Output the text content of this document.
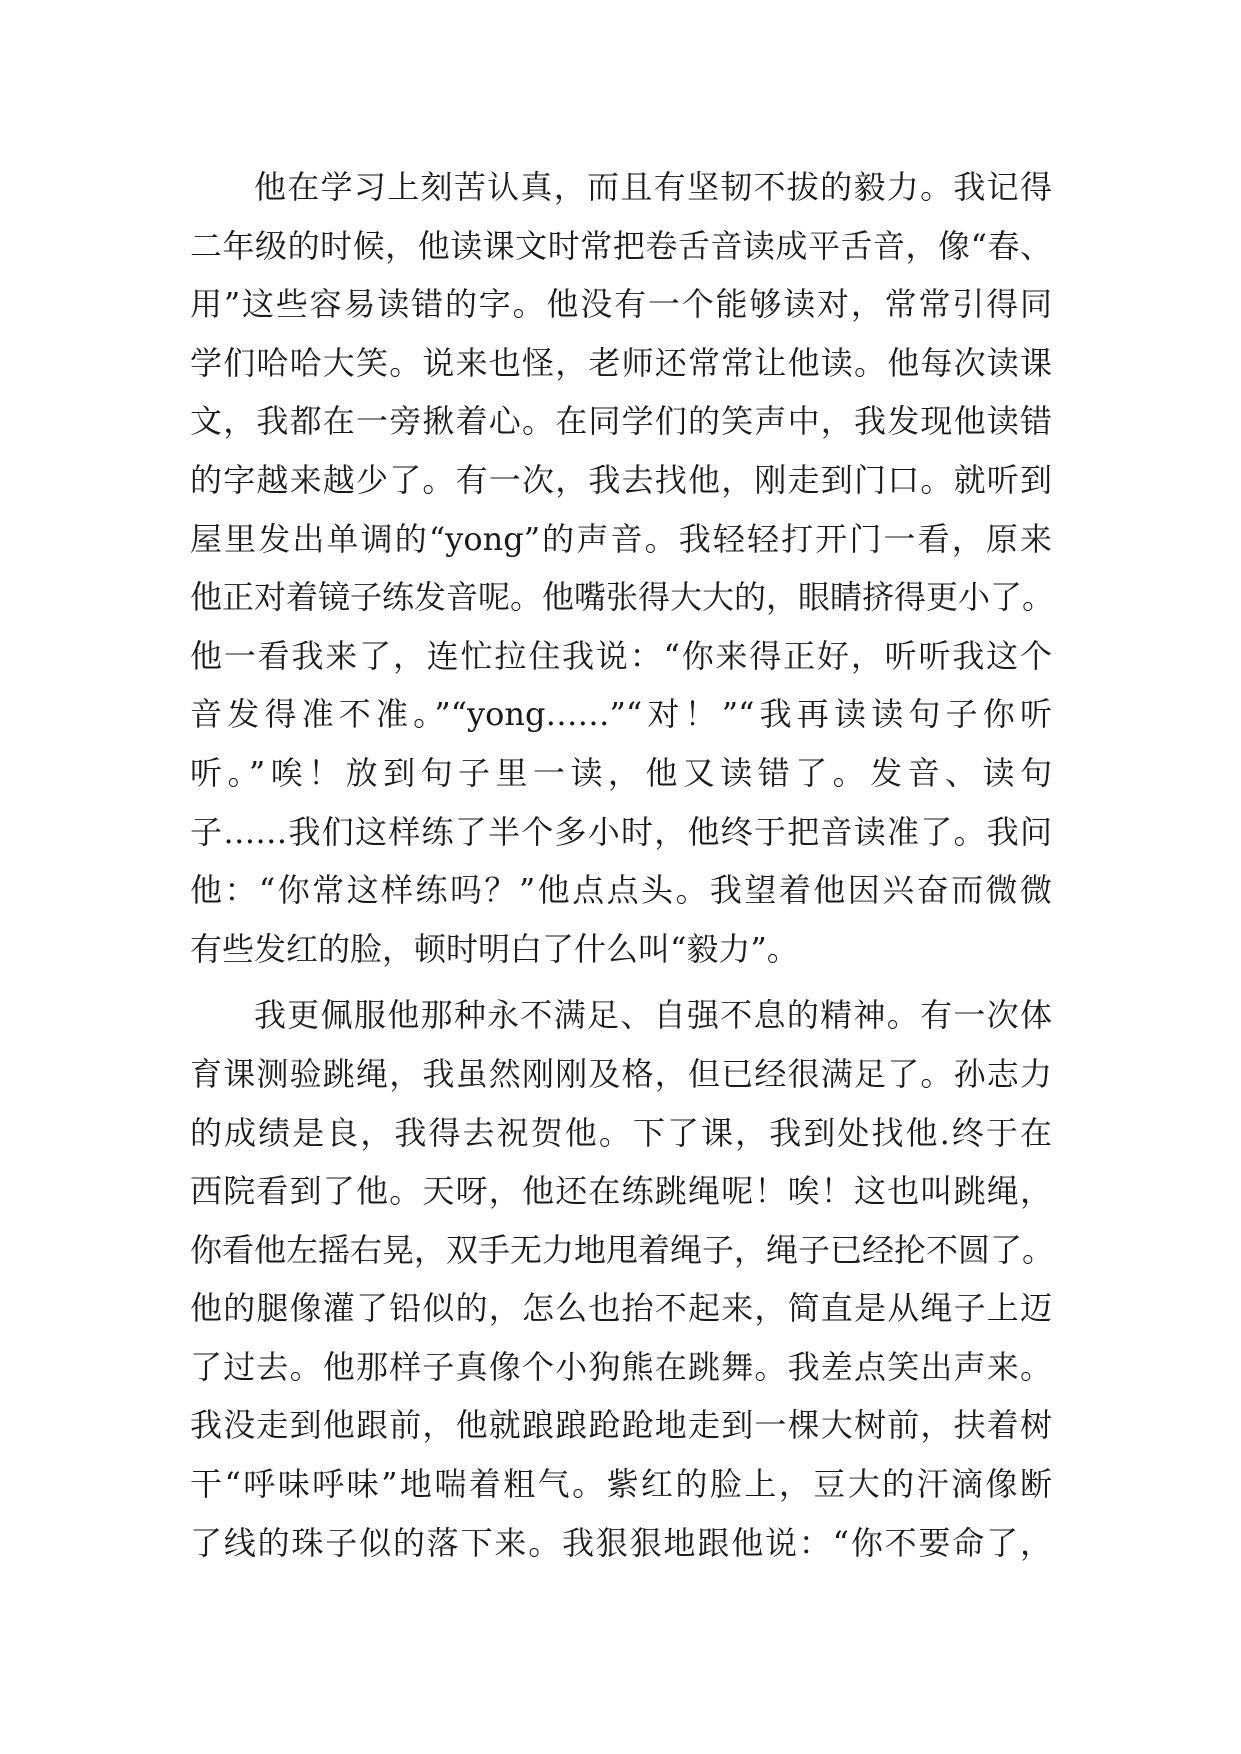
他在学习上刻苦认真，而且有坚韧不拔的毅力。我记得
二年级的时候，他读课文时常把卷舌音读成平舌音，像“春、
用”这些容易读错的字。他没有一个能够读对，常常引得同
学们哈哈大笑。说来也怪，老师还常常让他读。他每次读课
文，我都在一旁揪着心。在同学们的笑声中，我发现他读错
的字越来越少了。有一次，我去找他，刚走到门口。就听到
屋里发出单调的“yong”的声音。我轻轻打开门一看，原来
他正对着镜子练发音呢。他嘴张得大大的，眼睛挤得更小了。
他一看我来了，连忙拉住我说：“你来得正好，听听我这个
音发得准不准。”“yong……”“对！”“我再读读句子你听
听。”唉！放到句子里一读，他又读错了。发音、读句
子……我们这样练了半个多小时，他终于把音读准了。我问
他：“你常这样练吗？”他点点头。我望着他因兴奋而微微
有些发红的脸，顿时明白了什么叫“毅力”。
我更佩服他那种永不满足、自强不息的精神。有一次体
育课测验跳绳，我虽然刚刚及格，但已经很满足了。孙志力
的成绩是良，我得去祝贺他。下了课，我到处找他.终于在
西院看到了他。天呀，他还在练跳绳呢！唉！这也叫跳绳，
你看他左摇右晃，双手无力地甩着绳子，绳子已经抡不圆了。
他的腿像灌了铅似的，怎么也抬不起来，简直是从绳子上迈
了过去。他那样子真像个小狗熊在跳舞。我差点笑出声来。
我没走到他跟前，他就踉踉跄跄地走到一棵大树前，扶着树
干“呼味呼味”地喘着粗气。紫红的脸上，豆大的汗滴像断
了线的珠子似的落下来。我狠狠地跟他说：“你不要命了，
